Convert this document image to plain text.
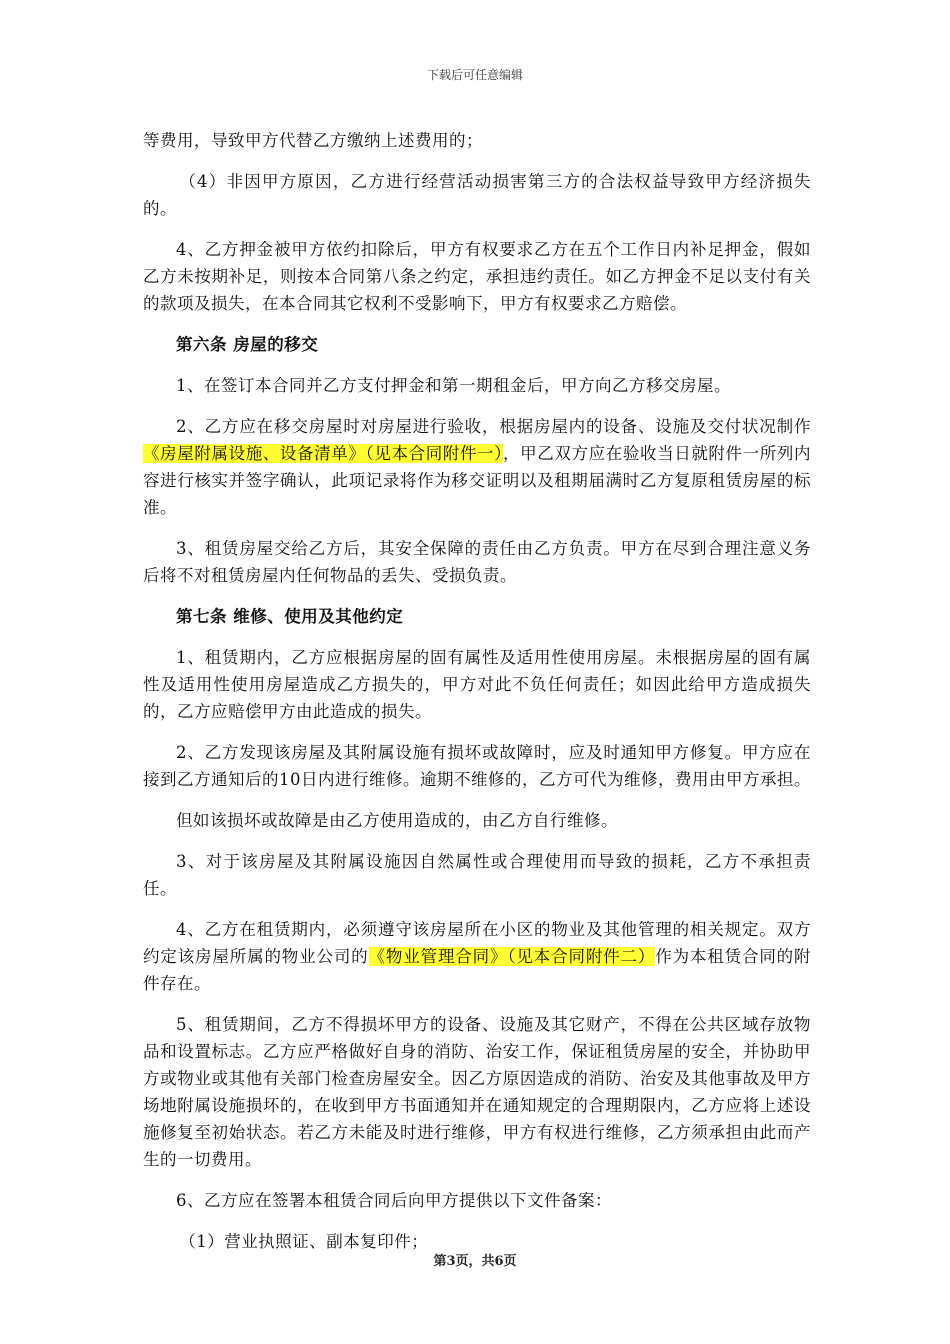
下载后可任意编辑

等费用，导致甲方代替乙方缴纳上述费用的；

（4）非因甲方原因，乙方进行经营活动损害第三方的合法权益导致甲方经济损失的。

4、乙方押金被甲方依约扣除后，甲方有权要求乙方在五个工作日内补足押金，假如乙方未按期补足，则按本合同第八条之约定，承担违约责任。如乙方押金不足以支付有关的款项及损失，在本合同其它权利不受影响下，甲方有权要求乙方赔偿。

第六条 房屋的移交

1、在签订本合同并乙方支付押金和第一期租金后，甲方向乙方移交房屋。

2、乙方应在移交房屋时对房屋进行验收，根据房屋内的设备、设施及交付状况制作《房屋附属设施、设备清单》（见本合同附件一），甲乙双方应在验收当日就附件一所列内容进行核实并签字确认，此项记录将作为移交证明以及租期届满时乙方复原租赁房屋的标准。

3、租赁房屋交给乙方后，其安全保障的责任由乙方负责。甲方在尽到合理注意义务后将不对租赁房屋内任何物品的丢失、受损负责。

第七条 维修、使用及其他约定

1、租赁期内，乙方应根据房屋的固有属性及适用性使用房屋。未根据房屋的固有属性及适用性使用房屋造成乙方损失的，甲方对此不负任何责任；如因此给甲方造成损失的，乙方应赔偿甲方由此造成的损失。

2、乙方发现该房屋及其附属设施有损坏或故障时，应及时通知甲方修复。甲方应在接到乙方通知后的10日内进行维修。逾期不维修的，乙方可代为维修，费用由甲方承担。

但如该损坏或故障是由乙方使用造成的，由乙方自行维修。

3、对于该房屋及其附属设施因自然属性或合理使用而导致的损耗，乙方不承担责任。

4、乙方在租赁期内，必须遵守该房屋所在小区的物业及其他管理的相关规定。双方约定该房屋所属的物业公司的《物业管理合同》（见本合同附件二）作为本租赁合同的附件存在。

5、租赁期间，乙方不得损坏甲方的设备、设施及其它财产，不得在公共区域存放物品和设置标志。乙方应严格做好自身的消防、治安工作，保证租赁房屋的安全，并协助甲方或物业或其他有关部门检查房屋安全。因乙方原因造成的消防、治安及其他事故及甲方场地附属设施损坏的，在收到甲方书面通知并在通知规定的合理期限内，乙方应将上述设施修复至初始状态。若乙方未能及时进行维修，甲方有权进行维修，乙方须承担由此而产生的一切费用。

6、乙方应在签署本租赁合同后向甲方提供以下文件备案：

（1）营业执照证、副本复印件；

第3页，共6页
